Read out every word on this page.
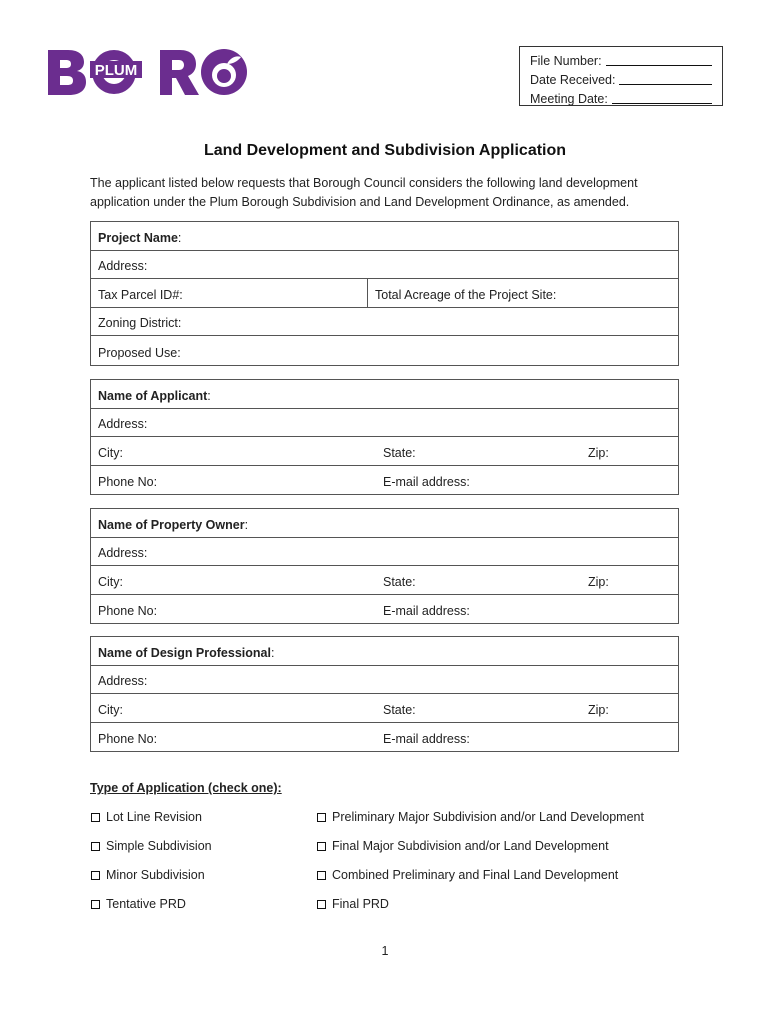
PLUM
File Number:
Date Received:
Meeting Date:
Land Development and Subdivision Application
The applicant listed below requests that Borough Council considers the following land development application under the Plum Borough Subdivision and Land Development Ordinance, as amended.
Project Name :
Address:
Tax Parcel ID#:	Total Acreage of the Project Site:
Zoning District:
Proposed Use:
Name of Applicant :
Address:
City:	State:	Zip:
Phone No:	E-mail address:
Name of Property Owner :
Address:
City:	State:	Zip:
Phone No:	E-mail address:
Name of Design Professional :
Address:
City:	State:	Zip:
Phone No:	E-mail address:
Type of Application (check one):
Lot Line Revision
Simple Subdivision
Minor Subdivision
Tentative PRD
Preliminary Major Subdivision and/or Land Development
Final Major Subdivision and/or Land Development
Combined Preliminary and Final Land Development
Final PRD
1
